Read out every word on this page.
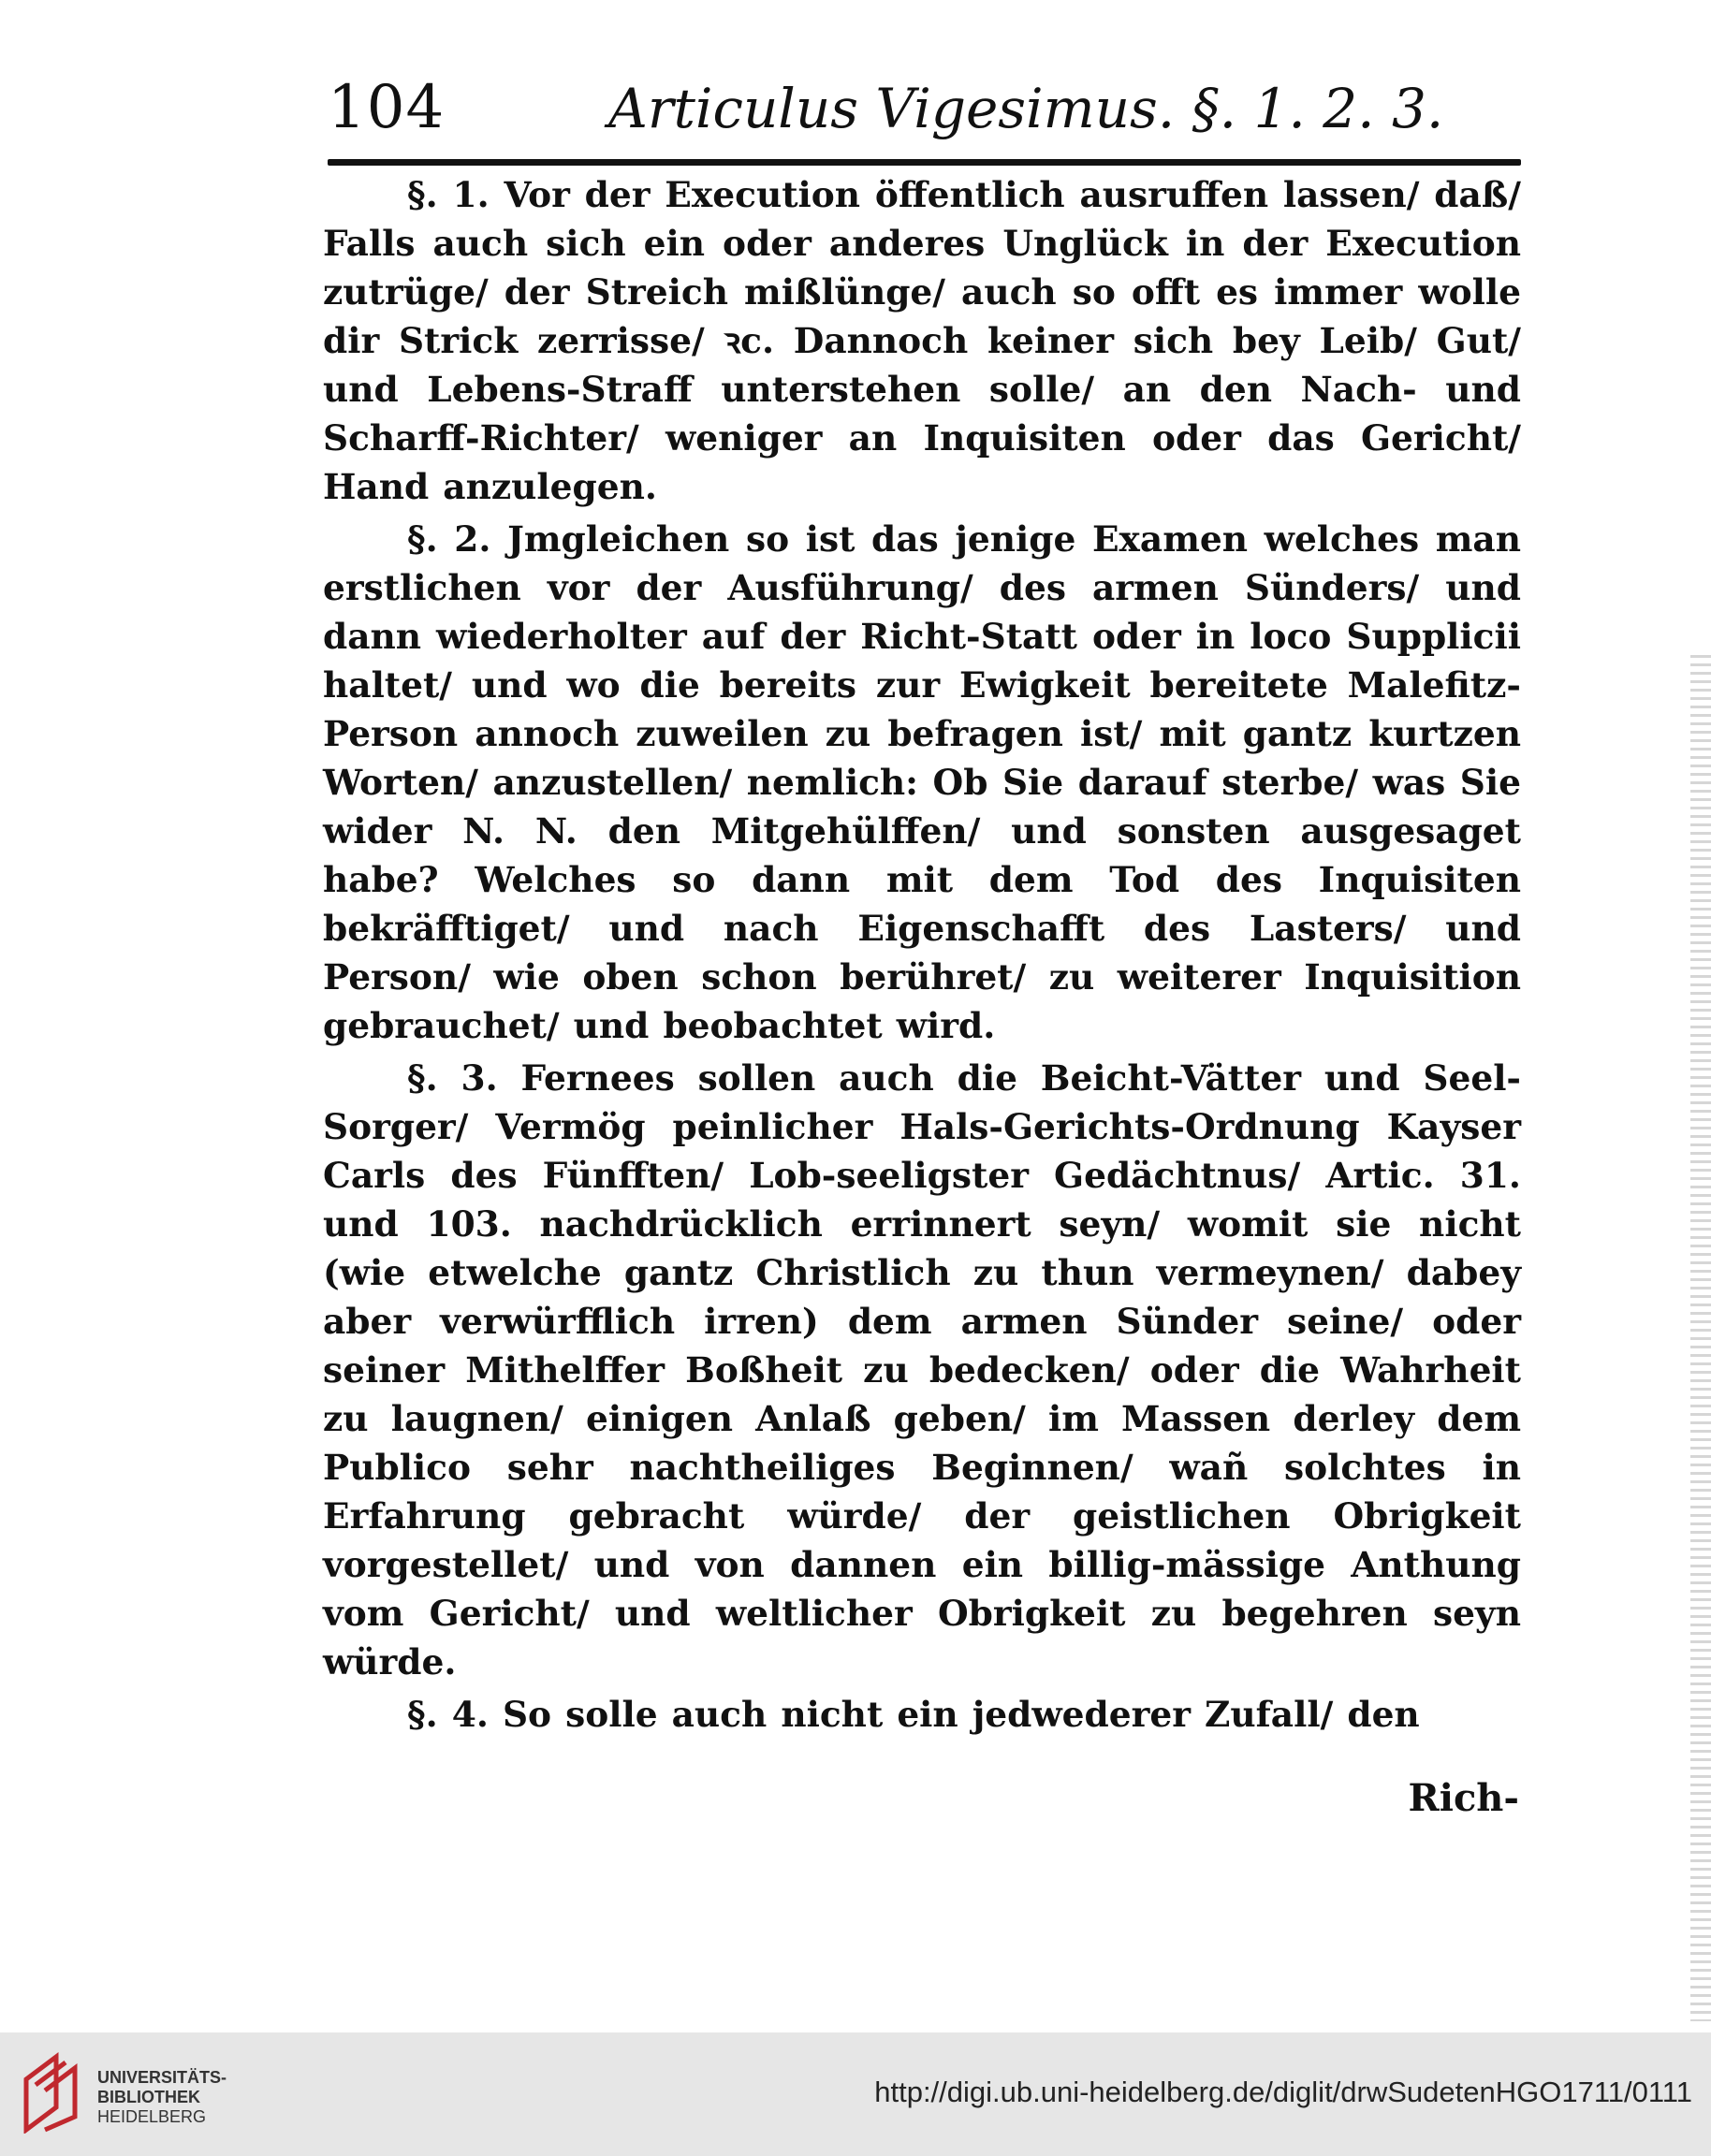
104	Articulus Vigesimus. §. 1. 2. 3.

§. 1. Vor der Execution öffentlich ausruffen lassen/ daß/ Falls auch sich ein oder anderes Unglück in der Execution zutrüge/ der Streich mißlünge/ auch so offt es immer wolle dir Strick zerrisse/ ꝛc. Dannoch keiner sich bey Leib/ Gut/ und Lebens-Straff unterstehen solle/ an den Nach- und Scharff-Richter/ weniger an Inquisiten oder das Gericht/ Hand anzulegen.

§. 2. Jmgleichen so ist das jenige Examen welches man erstlichen vor der Ausführung/ des armen Sünders/ und dann wiederholter auf der Richt-Statt oder in loco Supplicii haltet/ und wo die bereits zur Ewigkeit bereitete Malefitz-Person annoch zuweilen zu befragen ist/ mit gantz kurtzen Worten/ anzustellen/ nemlich: Ob Sie darauf sterbe/ was Sie wider N. N. den Mitgehülffen/ und sonsten ausgesaget habe? Welches so dann mit dem Tod des Inquisiten bekräfftiget/ und nach Eigenschafft des Lasters/ und Person/ wie oben schon berühret/ zu weiterer Inquisition gebrauchet/ und beobachtet wird.

§. 3. Fernees sollen auch die Beicht-Vätter und Seel-Sorger/ Vermög peinlicher Hals-Gerichts-Ordnung Kayser Carls des Fünfften/ Lob-seeligster Gedächtnus/ Artic. 31. und 103. nachdrücklich errinnert seyn/ womit sie nicht (wie etwelche gantz Christlich zu thun vermeynen/ dabey aber verwürfflich irren) dem armen Sünder seine/ oder seiner Mithelffer Boßheit zu bedecken/ oder die Wahrheit zu laugnen/ einigen Anlaß geben/ im Massen derley dem Publico sehr nachtheiliges Beginnen/ wañ solchtes in Erfahrung gebracht würde/ der geistlichen Obrigkeit vorgestellet/ und von dannen ein billig-mässige Anthung vom Gericht/ und weltlicher Obrigkeit zu begehren seyn würde.

§. 4. So solle auch nicht ein jedwederer Zufall/ den

Rich-
UNIVERSITÄTS-
BIBLIOTHEK
HEIDELBERG
http://digi.ub.uni-heidelberg.de/diglit/drwSudetenHGO1711/0111
